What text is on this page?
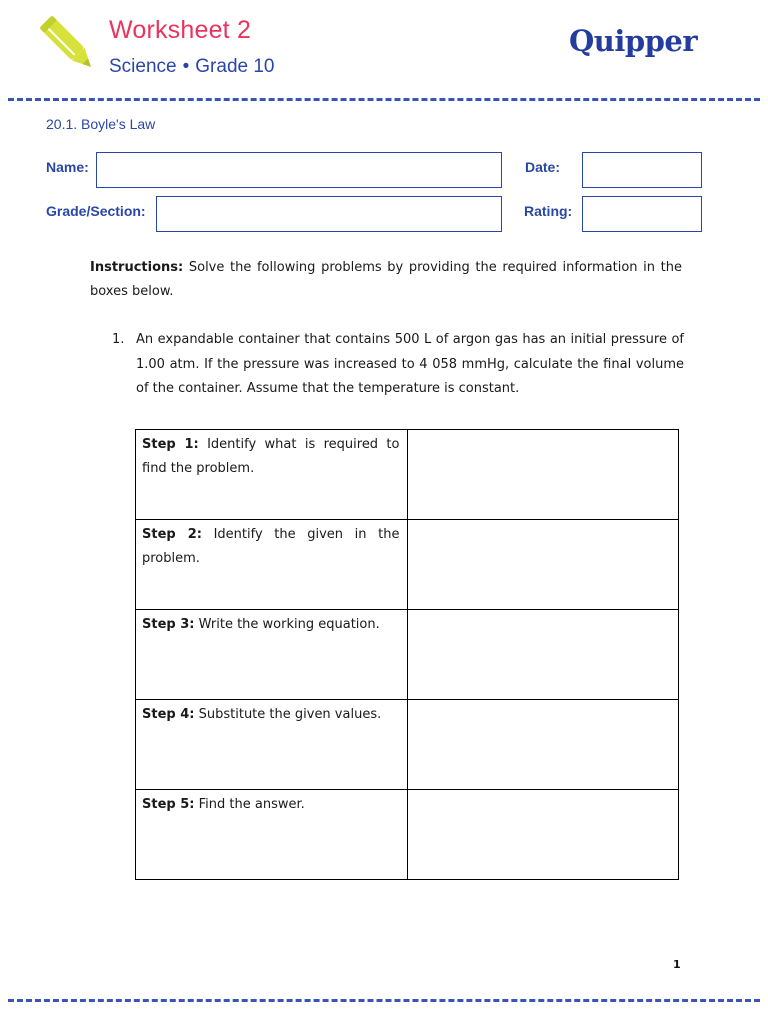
Worksheet 2
Science • Grade 10
Quipper
20.1. Boyle's Law
Name:	Date:
Grade/Section:	Rating:
Instructions: Solve the following problems by providing the required information in the boxes below.
1. An expandable container that contains 500 L of argon gas has an initial pressure of 1.00 atm. If the pressure was increased to 4 058 mmHg, calculate the final volume of the container. Assume that the temperature is constant.
Step 1: Identify what is required to find the problem.	
Step 2: Identify the given in the problem.	
Step 3: Write the working equation.	
Step 4: Substitute the given values.	
Step 5: Find the answer.	
1
